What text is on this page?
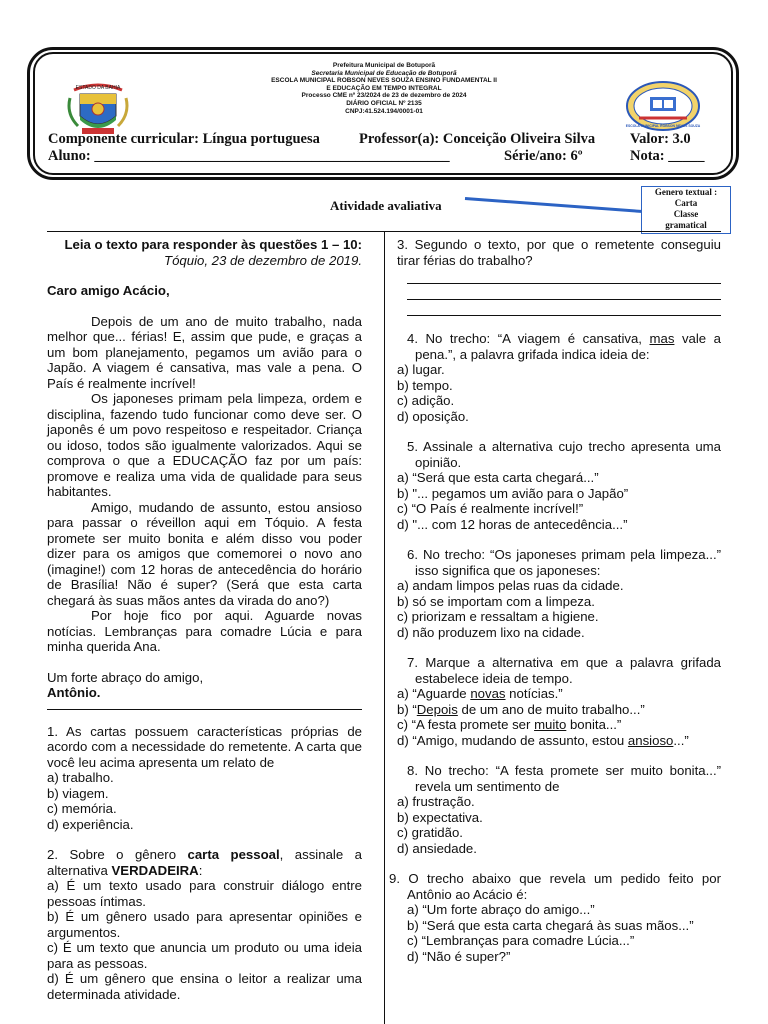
Prefeitura Municipal de Botuporã
Secretaria Municipal de Educação de Botuporã
ESCOLA MUNICIPAL ROBSON NEVES SOUZA ENSINO FUNDAMENTAL II
E EDUCAÇÃO EM TEMPO INTEGRAL
Processo CME nº 23/2024 de 23 de dezembro de 2024
DIÁRIO OFICIAL Nº 2135
CNPJ:41.524.194/0001-01
ESTADO DA BAHIA
ESCOLA MUNICIPAL ROBSON NEVES SOUZA
Componente curricular: Língua portuguesa	Professor(a): Conceição Oliveira Silva Valor: 3.0
Aluno: _________________________________________________	Série/ano: 6º	Nota: _____
Atividade avaliativa
Genero textual :
Carta
Classe
gramatical

Leia o texto para responder às questões 1 – 10:

Tóquio, 23 de dezembro de 2019.

Caro amigo Acácio,

Depois de um ano de muito trabalho, nada melhor que... férias! E, assim que pude, e graças a um bom planejamento, pegamos um avião para o Japão. A viagem é cansativa, mas vale a pena. O País é realmente incrível!

Os japoneses primam pela limpeza, ordem e disciplina, fazendo tudo funcionar como deve ser. O japonês é um povo respeitoso e respeitador. Criança ou idoso, todos são igualmente valorizados. Aqui se comprova o que a EDUCAÇÃO faz por um país: promove e realiza uma vida de qualidade para seus habitantes.

Amigo, mudando de assunto, estou ansioso para passar o réveillon aqui em Tóquio. A festa promete ser muito bonita e além disso vou poder dizer para os amigos que comemorei o novo ano (imagine!) com 12 horas de antecedência do horário de Brasília! Não é super? (Será que esta carta chegará às suas mãos antes da virada do ano?)

Por hoje fico por aqui. Aguarde novas notícias. Lembranças para comadre Lúcia e para minha querida Ana.

Um forte abraço do amigo,

Antônio.

1. As cartas possuem características próprias de acordo com a necessidade do remetente. A carta que você leu acima apresenta um relato de

a) trabalho.

b) viagem.

c) memória.

d) experiência.

2. Sobre o gênero carta pessoal, assinale a alternativa VERDADEIRA:

a) É um texto usado para construir diálogo entre pessoas íntimas.

b) É um gênero usado para apresentar opiniões e argumentos.

c) É um texto que anuncia um produto ou uma ideia para as pessoas.

d) É um gênero que ensina o leitor a realizar uma determinada atividade.

3. Segundo o texto, por que o remetente conseguiu tirar férias do trabalho?

4. No trecho: “A viagem é cansativa, mas vale a pena.”, a palavra grifada indica ideia de:

a) lugar.

b) tempo.

c) adição.

d) oposição.

5. Assinale a alternativa cujo trecho apresenta uma opinião.

a) “Será que esta carta chegará...”

b) "... pegamos um avião para o Japão”

c) “O País é realmente incrível!”

d) "... com 12 horas de antecedência...”

6. No trecho: “Os japoneses primam pela limpeza...” isso significa que os japoneses:

a) andam limpos pelas ruas da cidade.

b) só se importam com a limpeza.

c) priorizam e ressaltam a higiene.

d) não produzem lixo na cidade.

7. Marque a alternativa em que a palavra grifada estabelece ideia de tempo.

a) “Aguarde novas notícias.”

b) “Depois de um ano de muito trabalho...”

c) “A festa promete ser muito bonita...”

d) “Amigo, mudando de assunto, estou ansioso...”

8. No trecho: “A festa promete ser muito bonita...” revela um sentimento de

a) frustração.

b) expectativa.

c) gratidão.

d) ansiedade.

9. O trecho abaixo que revela um pedido feito por Antônio ao Acácio é:

a) “Um forte abraço do amigo...”

b) “Será que esta carta chegará às suas mãos...”

c) “Lembranças para comadre Lúcia...”

d) “Não é super?”
